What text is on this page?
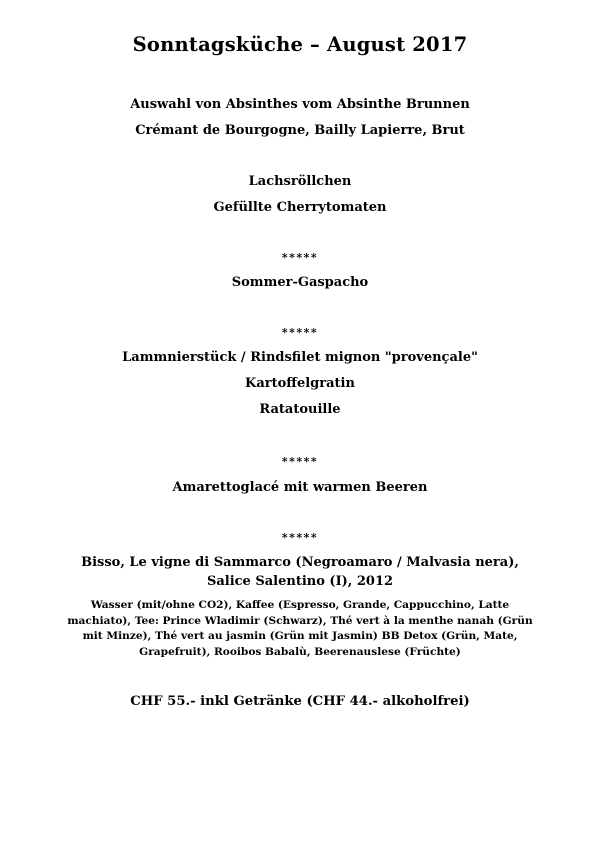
Sonntagsküche – August 2017
Auswahl von Absinthes vom Absinthe Brunnen
Crémant de Bourgogne, Bailly Lapierre, Brut
Lachsröllchen
Gefüllte Cherrytomaten
*****
Sommer-Gaspacho
*****
Lammnierstück / Rindsfilet mignon "provençale"
Kartoffelgratin
Ratatouille
*****
Amarettoglacé mit warmen Beeren
*****
Bisso, Le vigne di Sammarco (Negroamaro / Malvasia nera),
Salice Salentino (I), 2012
Wasser (mit/ohne CO2), Kaffee (Espresso, Grande, Cappucchino, Latte machiato), Tee: Prince Wladimir (Schwarz), Thé vert à la menthe nanah (Grün mit Minze), Thé vert au jasmin (Grün mit Jasmin) BB Detox (Grün, Mate, Grapefruit), Rooibos Babalù, Beerenauslese (Früchte)
CHF 55.- inkl Getränke (CHF 44.- alkoholfrei)
